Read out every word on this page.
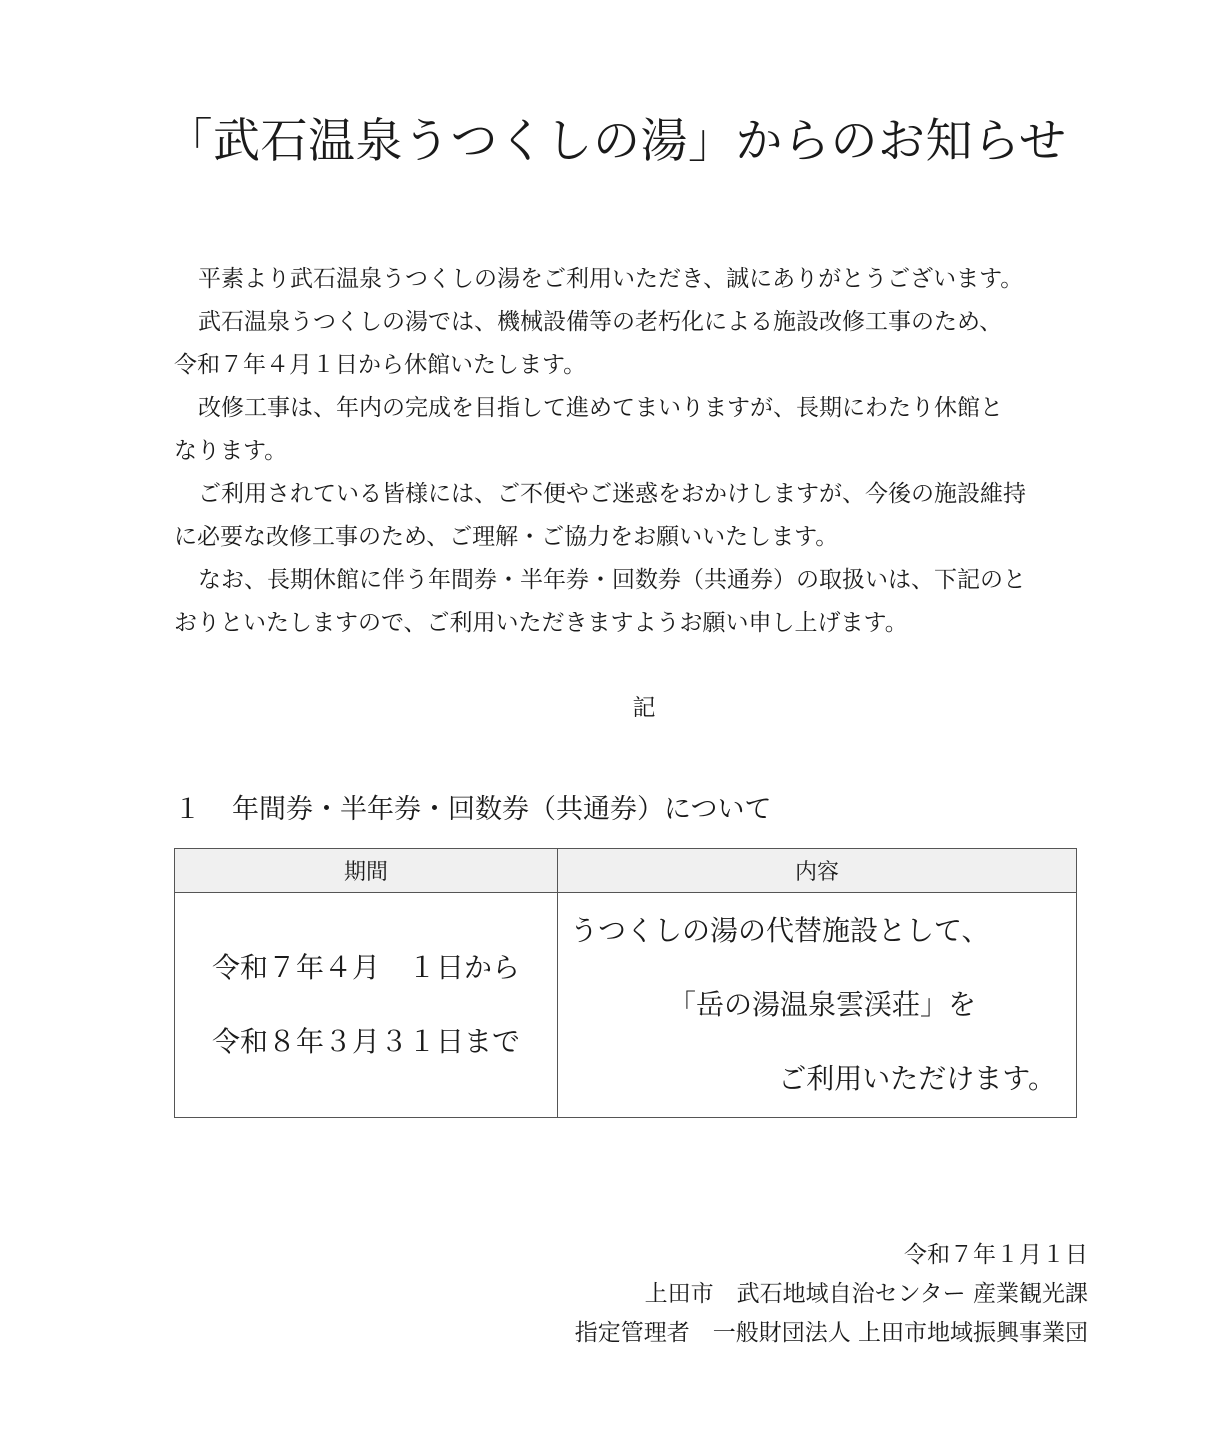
「武石温泉うつくしの湯」からのお知らせ
平素より武石温泉うつくしの湯をご利用いただき、誠にありがとうございます。
武石温泉うつくしの湯では、機械設備等の老朽化による施設改修工事のため、
令和７年４月１日から休館いたします。
改修工事は、年内の完成を目指して進めてまいりますが、長期にわたり休館と
なります。
ご利用されている皆様には、ご不便やご迷惑をおかけしますが、今後の施設維持
に必要な改修工事のため、ご理解・ご協力をお願いいたします。
なお、長期休館に伴う年間券・半年券・回数券（共通券）の取扱いは、下記のと
おりといたしますので、ご利用いただきますようお願い申し上げます。
記
１ 年間券・半年券・回数券（共通券）について
期間	内容

令和７年４月　１日から
令和８年３月３１日まで	うつくしの湯の代替施設として、
「岳の湯温泉雲渓荘」を
ご利用いただけます。
令和７年１月１日
上田市　武石地域自治センター 産業観光課
指定管理者　一般財団法人 上田市地域振興事業団
